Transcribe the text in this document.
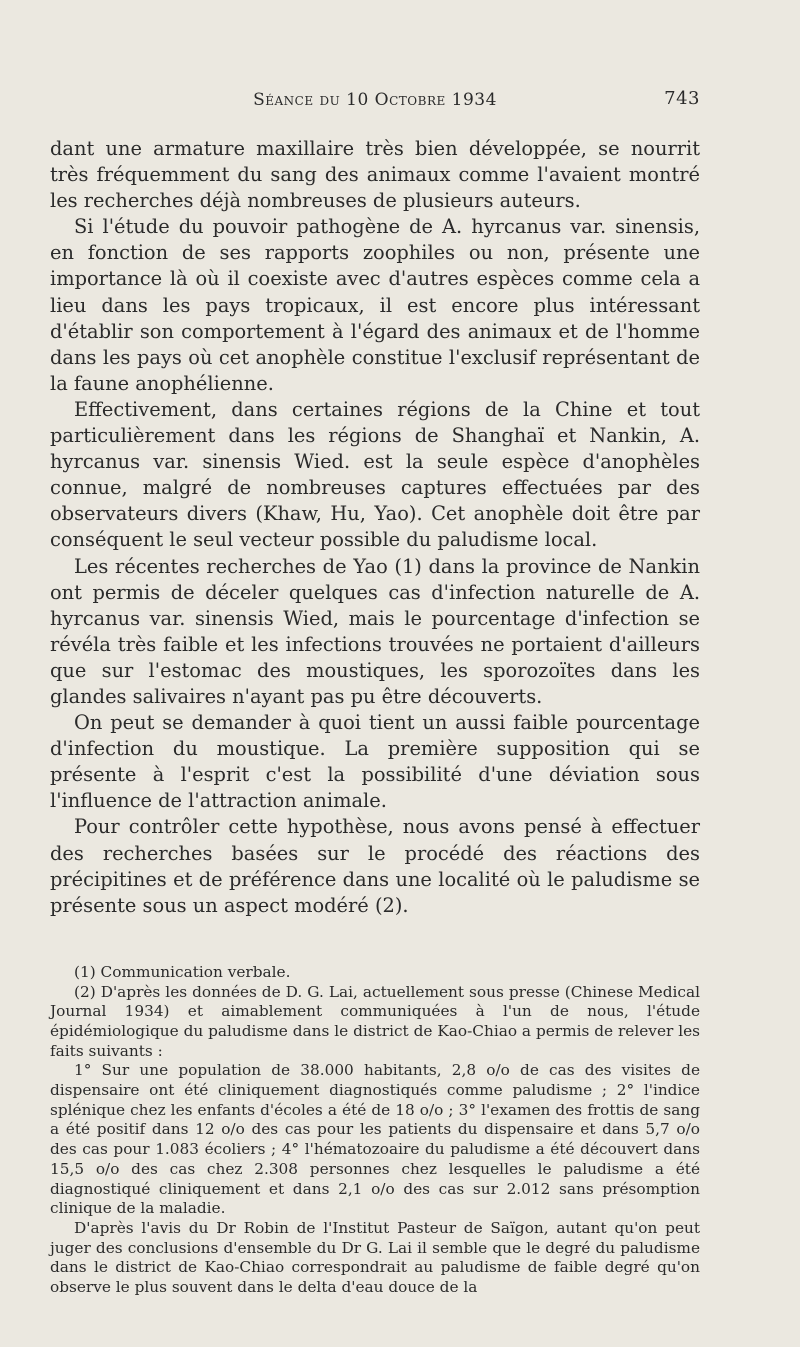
Séance du 10 Octobre 1934	743

dant une armature maxillaire très bien développée, se nourrit très fréquemment du sang des animaux comme l'avaient montré les recherches déjà nombreuses de plusieurs auteurs.

Si l'étude du pouvoir pathogène de A. hyrcanus var. sinensis, en fonction de ses rapports zoophiles ou non, présente une importance là où il coexiste avec d'autres espèces comme cela a lieu dans les pays tropicaux, il est encore plus intéressant d'établir son comportement à l'égard des animaux et de l'homme dans les pays où cet anophèle constitue l'exclusif représentant de la faune anophélienne.

Effectivement, dans certaines régions de la Chine et tout particulièrement dans les régions de Shanghaï et Nankin, A. hyrcanus var. sinensis Wied. est la seule espèce d'anophèles connue, malgré de nombreuses captures effectuées par des observateurs divers (Khaw, Hu, Yao). Cet anophèle doit être par conséquent le seul vecteur possible du paludisme local.

Les récentes recherches de Yao (1) dans la province de Nankin ont permis de déceler quelques cas d'infection naturelle de A. hyrcanus var. sinensis Wied, mais le pourcentage d'infection se révéla très faible et les infections trouvées ne portaient d'ailleurs que sur l'estomac des moustiques, les sporozoïtes dans les glandes salivaires n'ayant pas pu être découverts.

On peut se demander à quoi tient un aussi faible pourcentage d'infection du moustique. La première supposition qui se présente à l'esprit c'est la possibilité d'une déviation sous l'influence de l'attraction animale.

Pour contrôler cette hypothèse, nous avons pensé à effectuer des recherches basées sur le procédé des réactions des précipitines et de préférence dans une localité où le paludisme se présente sous un aspect modéré (2).

(1) Communication verbale.

(2) D'après les données de D. G. Lai, actuellement sous presse (Chinese Medical Journal 1934) et aimablement communiquées à l'un de nous, l'étude épidémiologique du paludisme dans le district de Kao-Chiao a permis de relever les faits suivants :

1° Sur une population de 38.000 habitants, 2,8 o/o de cas des visites de dispensaire ont été cliniquement diagnostiqués comme paludisme ; 2° l'indice splénique chez les enfants d'écoles a été de 18 o/o ; 3° l'examen des frottis de sang a été positif dans 12 o/o des cas pour les patients du dispensaire et dans 5,7 o/o des cas pour 1.083 écoliers ; 4° l'hématozoaire du paludisme a été découvert dans 15,5 o/o des cas chez 2.308 personnes chez lesquelles le paludisme a été diagnostiqué cliniquement et dans 2,1 o/o des cas sur 2.012 sans présomption clinique de la maladie.

D'après l'avis du Dr Robin de l'Institut Pasteur de Saïgon, autant qu'on peut juger des conclusions d'ensemble du Dr G. Lai il semble que le degré du paludisme dans le district de Kao-Chiao correspondrait au paludisme de faible degré qu'on observe le plus souvent dans le delta d'eau douce de la
